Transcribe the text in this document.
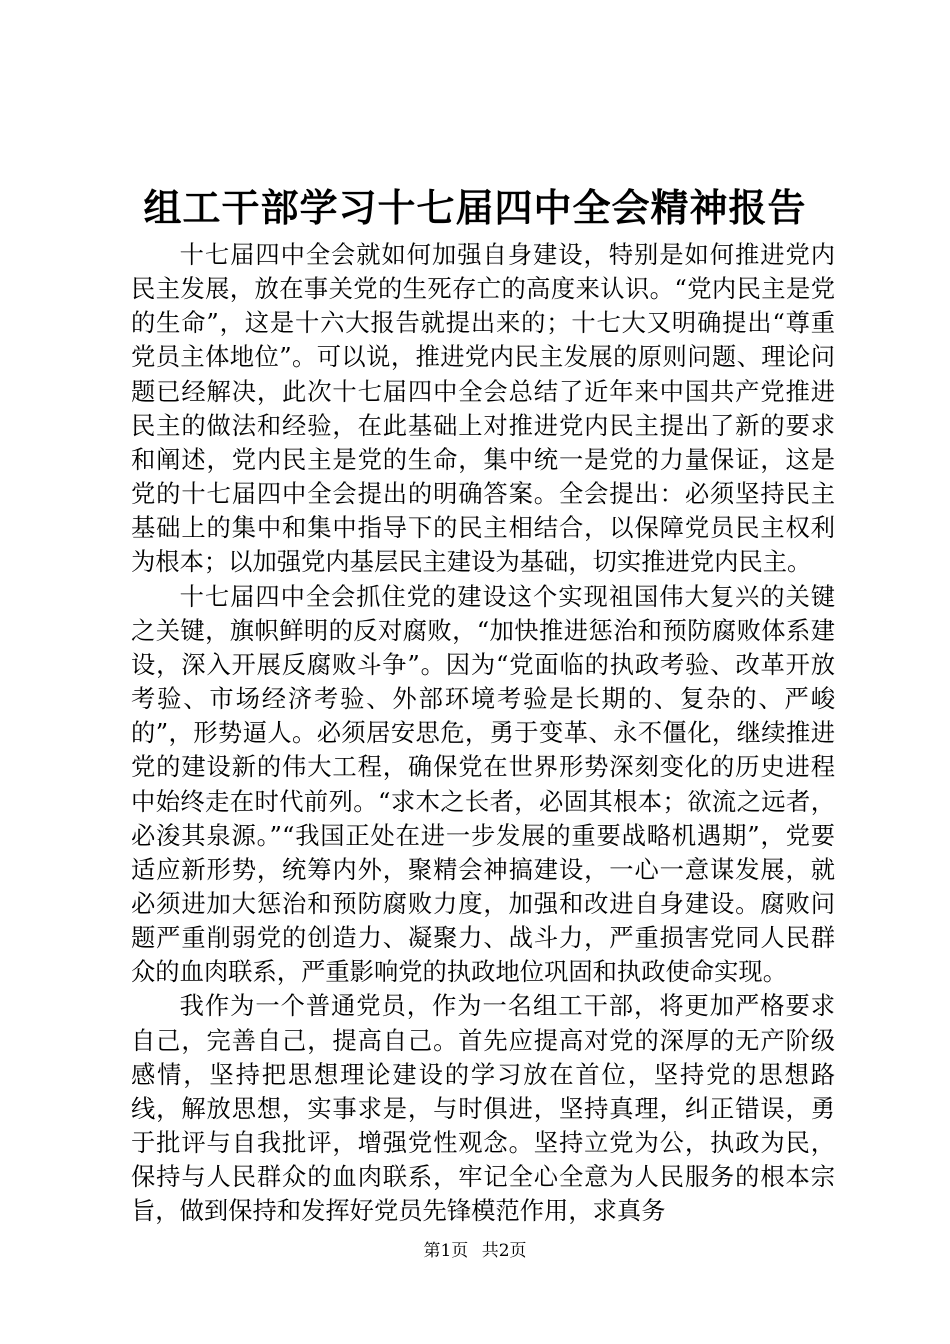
组工干部学习十七届四中全会精神报告

十七届四中全会就如何加强自身建设，特别是如何推进党内民主发展，放在事关党的生死存亡的高度来认识。“党内民主是党的生命”，这是十六大报告就提出来的；十七大又明确提出“尊重党员主体地位”。可以说，推进党内民主发展的原则问题、理论问题已经解决，此次十七届四中全会总结了近年来中国共产党推进民主的做法和经验，在此基础上对推进党内民主提出了新的要求和阐述，党内民主是党的生命，集中统一是党的力量保证，这是党的十七届四中全会提出的明确答案。全会提出：必须坚持民主基础上的集中和集中指导下的民主相结合，以保障党员民主权利为根本；以加强党内基层民主建设为基础，切实推进党内民主。

十七届四中全会抓住党的建设这个实现祖国伟大复兴的关键之关键，旗帜鲜明的反对腐败，“加快推进惩治和预防腐败体系建设，深入开展反腐败斗争”。因为“党面临的执政考验、改革开放考验、市场经济考验、外部环境考验是长期的、复杂的、严峻的”，形势逼人。必须居安思危，勇于变革、永不僵化，继续推进党的建设新的伟大工程，确保党在世界形势深刻变化的历史进程中始终走在时代前列。“求木之长者，必固其根本；欲流之远者，必浚其泉源。”“我国正处在进一步发展的重要战略机遇期”，党要适应新形势，统筹内外，聚精会神搞建设，一心一意谋发展，就必须进加大惩治和预防腐败力度，加强和改进自身建设。腐败问题严重削弱党的创造力、凝聚力、战斗力，严重损害党同人民群众的血肉联系，严重影响党的执政地位巩固和执政使命实现。

我作为一个普通党员，作为一名组工干部，将更加严格要求自己，完善自己，提高自己。首先应提高对党的深厚的无产阶级感情，坚持把思想理论建设的学习放在首位，坚持党的思想路线，解放思想，实事求是，与时俱进，坚持真理，纠正错误，勇于批评与自我批评，增强党性观念。坚持立党为公，执政为民，保持与人民群众的血肉联系，牢记全心全意为人民服务的根本宗旨，做到保持和发挥好党员先锋模范作用，求真务

第1页 共2页
